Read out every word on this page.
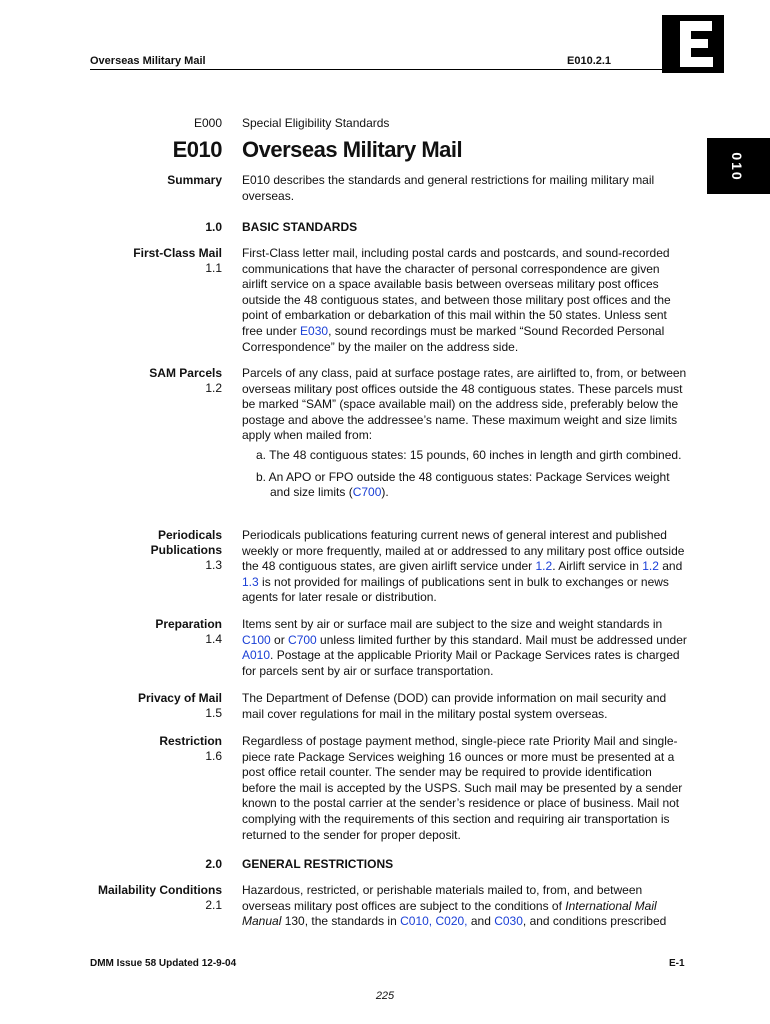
Overseas Military Mail	E010.2.1
010
E000 Special Eligibility Standards
E010 Overseas Military Mail
Summary E010 describes the standards and general restrictions for mailing military mail overseas.
1.0 BASIC STANDARDS
First-Class Mail
1.1
First-Class letter mail, including postal cards and postcards, and sound-recorded communications that have the character of personal correspondence are given airlift service on a space available basis between overseas military post offices outside the 48 contiguous states, and between those military post offices and the point of embarkation or debarkation of this mail within the 50 states. Unless sent free under E030, sound recordings must be marked “Sound Recorded Personal Correspondence” by the mailer on the address side.
SAM Parcels
1.2
Parcels of any class, paid at surface postage rates, are airlifted to, from, or between overseas military post offices outside the 48 contiguous states. These parcels must be marked “SAM” (space available mail) on the address side, preferably below the postage and above the addressee’s name. These maximum weight and size limits apply when mailed from:
a. The 48 contiguous states: 15 pounds, 60 inches in length and girth combined.
b. An APO or FPO outside the 48 contiguous states: Package Services weight and size limits (C700).
Periodicals
Publications
1.3
Periodicals publications featuring current news of general interest and published weekly or more frequently, mailed at or addressed to any military post office outside the 48 contiguous states, are given airlift service under 1.2. Airlift service in 1.2 and 1.3 is not provided for mailings of publications sent in bulk to exchanges or news agents for later resale or distribution.
Preparation
1.4
Items sent by air or surface mail are subject to the size and weight standards in C100 or C700 unless limited further by this standard. Mail must be addressed under A010. Postage at the applicable Priority Mail or Package Services rates is charged for parcels sent by air or surface transportation.
Privacy of Mail
1.5
The Department of Defense (DOD) can provide information on mail security and mail cover regulations for mail in the military postal system overseas.
Restriction
1.6
Regardless of postage payment method, single-piece rate Priority Mail and single-piece rate Package Services weighing 16 ounces or more must be presented at a post office retail counter. The sender may be required to provide identification before the mail is accepted by the USPS. Such mail may be presented by a sender known to the postal carrier at the sender’s residence or place of business. Mail not complying with the requirements of this section and requiring air transportation is returned to the sender for proper deposit.
2.0 GENERAL RESTRICTIONS
Mailability Conditions
2.1
Hazardous, restricted, or perishable materials mailed to, from, and between overseas military post offices are subject to the conditions of International Mail Manual 130, the standards in C010, C020, and C030, and conditions prescribed
DMM Issue 58 Updated 12-9-04	E-1
225
